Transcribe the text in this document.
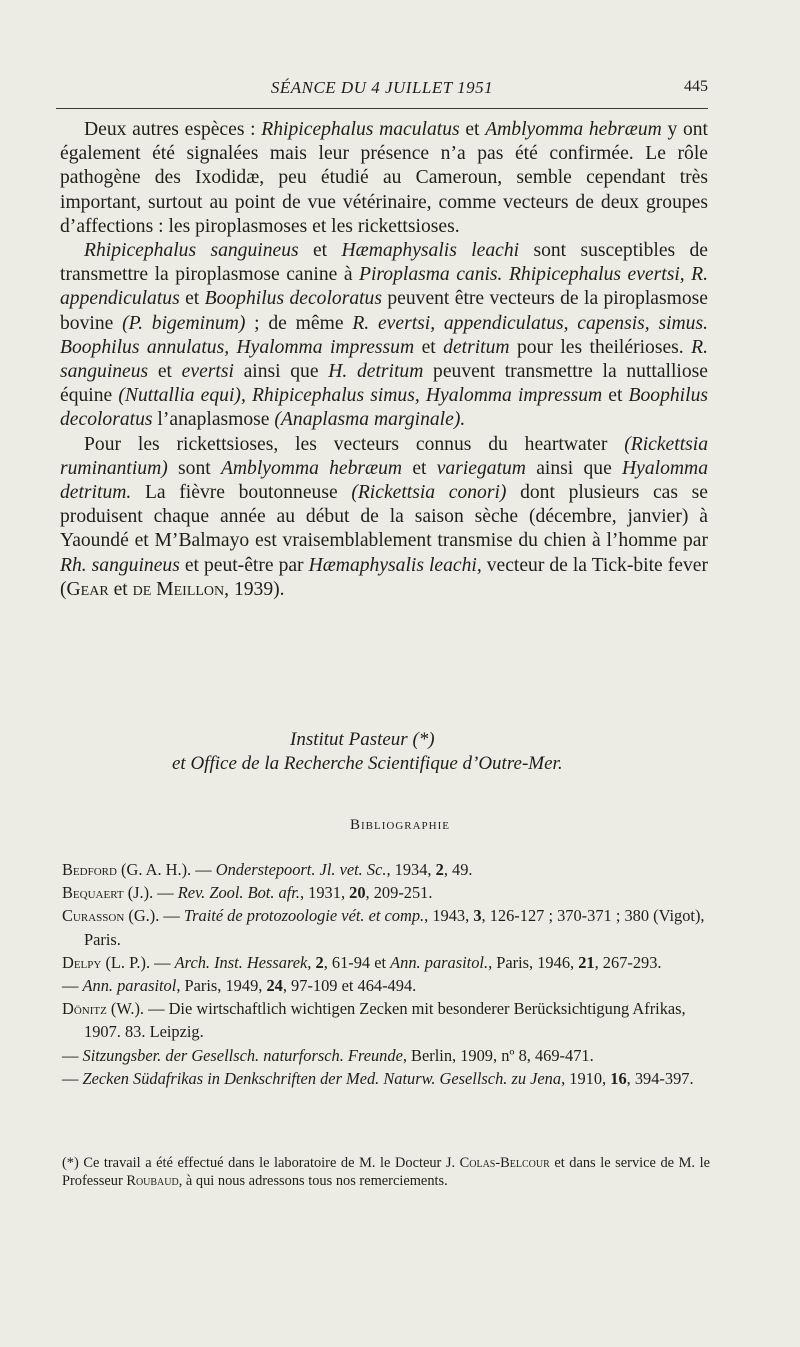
SÉANCE DU 4 JUILLET 1951	445

Deux autres espèces : Rhipicephalus maculatus et Amblyomma hebræum y ont également été signalées mais leur présence n’a pas été confirmée. Le rôle pathogène des Ixodidæ, peu étudié au Cameroun, semble cependant très important, surtout au point de vue vétérinaire, comme vecteurs de deux groupes d’affections : les piroplasmoses et les rickettsioses.

Rhipicephalus sanguineus et Hæmaphysalis leachi sont susceptibles de transmettre la piroplasmose canine à Piroplasma canis. Rhipicephalus evertsi, R. appendiculatus et Boophilus decoloratus peuvent être vecteurs de la piroplasmose bovine (P. bigeminum) ; de même R. evertsi, appendiculatus, capensis, simus. Boophilus annulatus, Hyalomma impressum et detritum pour les theilérioses. R. sanguineus et evertsi ainsi que H. detritum peuvent transmettre la nuttalliose équine (Nuttallia equi), Rhipicephalus simus, Hyalomma impressum et Boophilus decoloratus l’anaplasmose (Anaplasma marginale).

Pour les rickettsioses, les vecteurs connus du heartwater (Rickettsia ruminantium) sont Amblyomma hebræum et variegatum ainsi que Hyalomma detritum. La fièvre boutonneuse (Rickettsia conori) dont plusieurs cas se produisent chaque année au début de la saison sèche (décembre, janvier) à Yaoundé et M’Balmayo est vraisemblablement transmise du chien à l’homme par Rh. sanguineus et peut-être par Hæmaphysalis leachi, vecteur de la Tick-bite fever (Gear et de Meillon, 1939).

Institut Pasteur (*)
et Office de la Recherche Scientifique d’Outre-Mer.
Bibliographie

Bedford (G. A. H.). — Onderstepoort. Jl. vet. Sc., 1934, 2, 49.

Bequaert (J.). — Rev. Zool. Bot. afr., 1931, 20, 209-251.

Curasson (G.). — Traité de protozoologie vét. et comp., 1943, 3, 126-127 ; 370-371 ; 380 (Vigot), Paris.

Delpy (L. P.). — Arch. Inst. Hessarek, 2, 61-94 et Ann. parasitol., Paris, 1946, 21, 267-293.

— Ann. parasitol, Paris, 1949, 24, 97-109 et 464-494.

Dönitz (W.). — Die wirtschaftlich wichtigen Zecken mit besonderer Berücksichtigung Afrikas, 1907. 83. Leipzig.

— Sitzungsber. der Gesellsch. naturforsch. Freunde, Berlin, 1909, nº 8, 469-471.

— Zecken Südafrikas in Denkschriften der Med. Naturw. Gesellsch. zu Jena, 1910, 16, 394-397.

(*) Ce travail a été effectué dans le laboratoire de M. le Docteur J. Colas-Belcour et dans le service de M. le Professeur Roubaud, à qui nous adressons tous nos remerciements.
